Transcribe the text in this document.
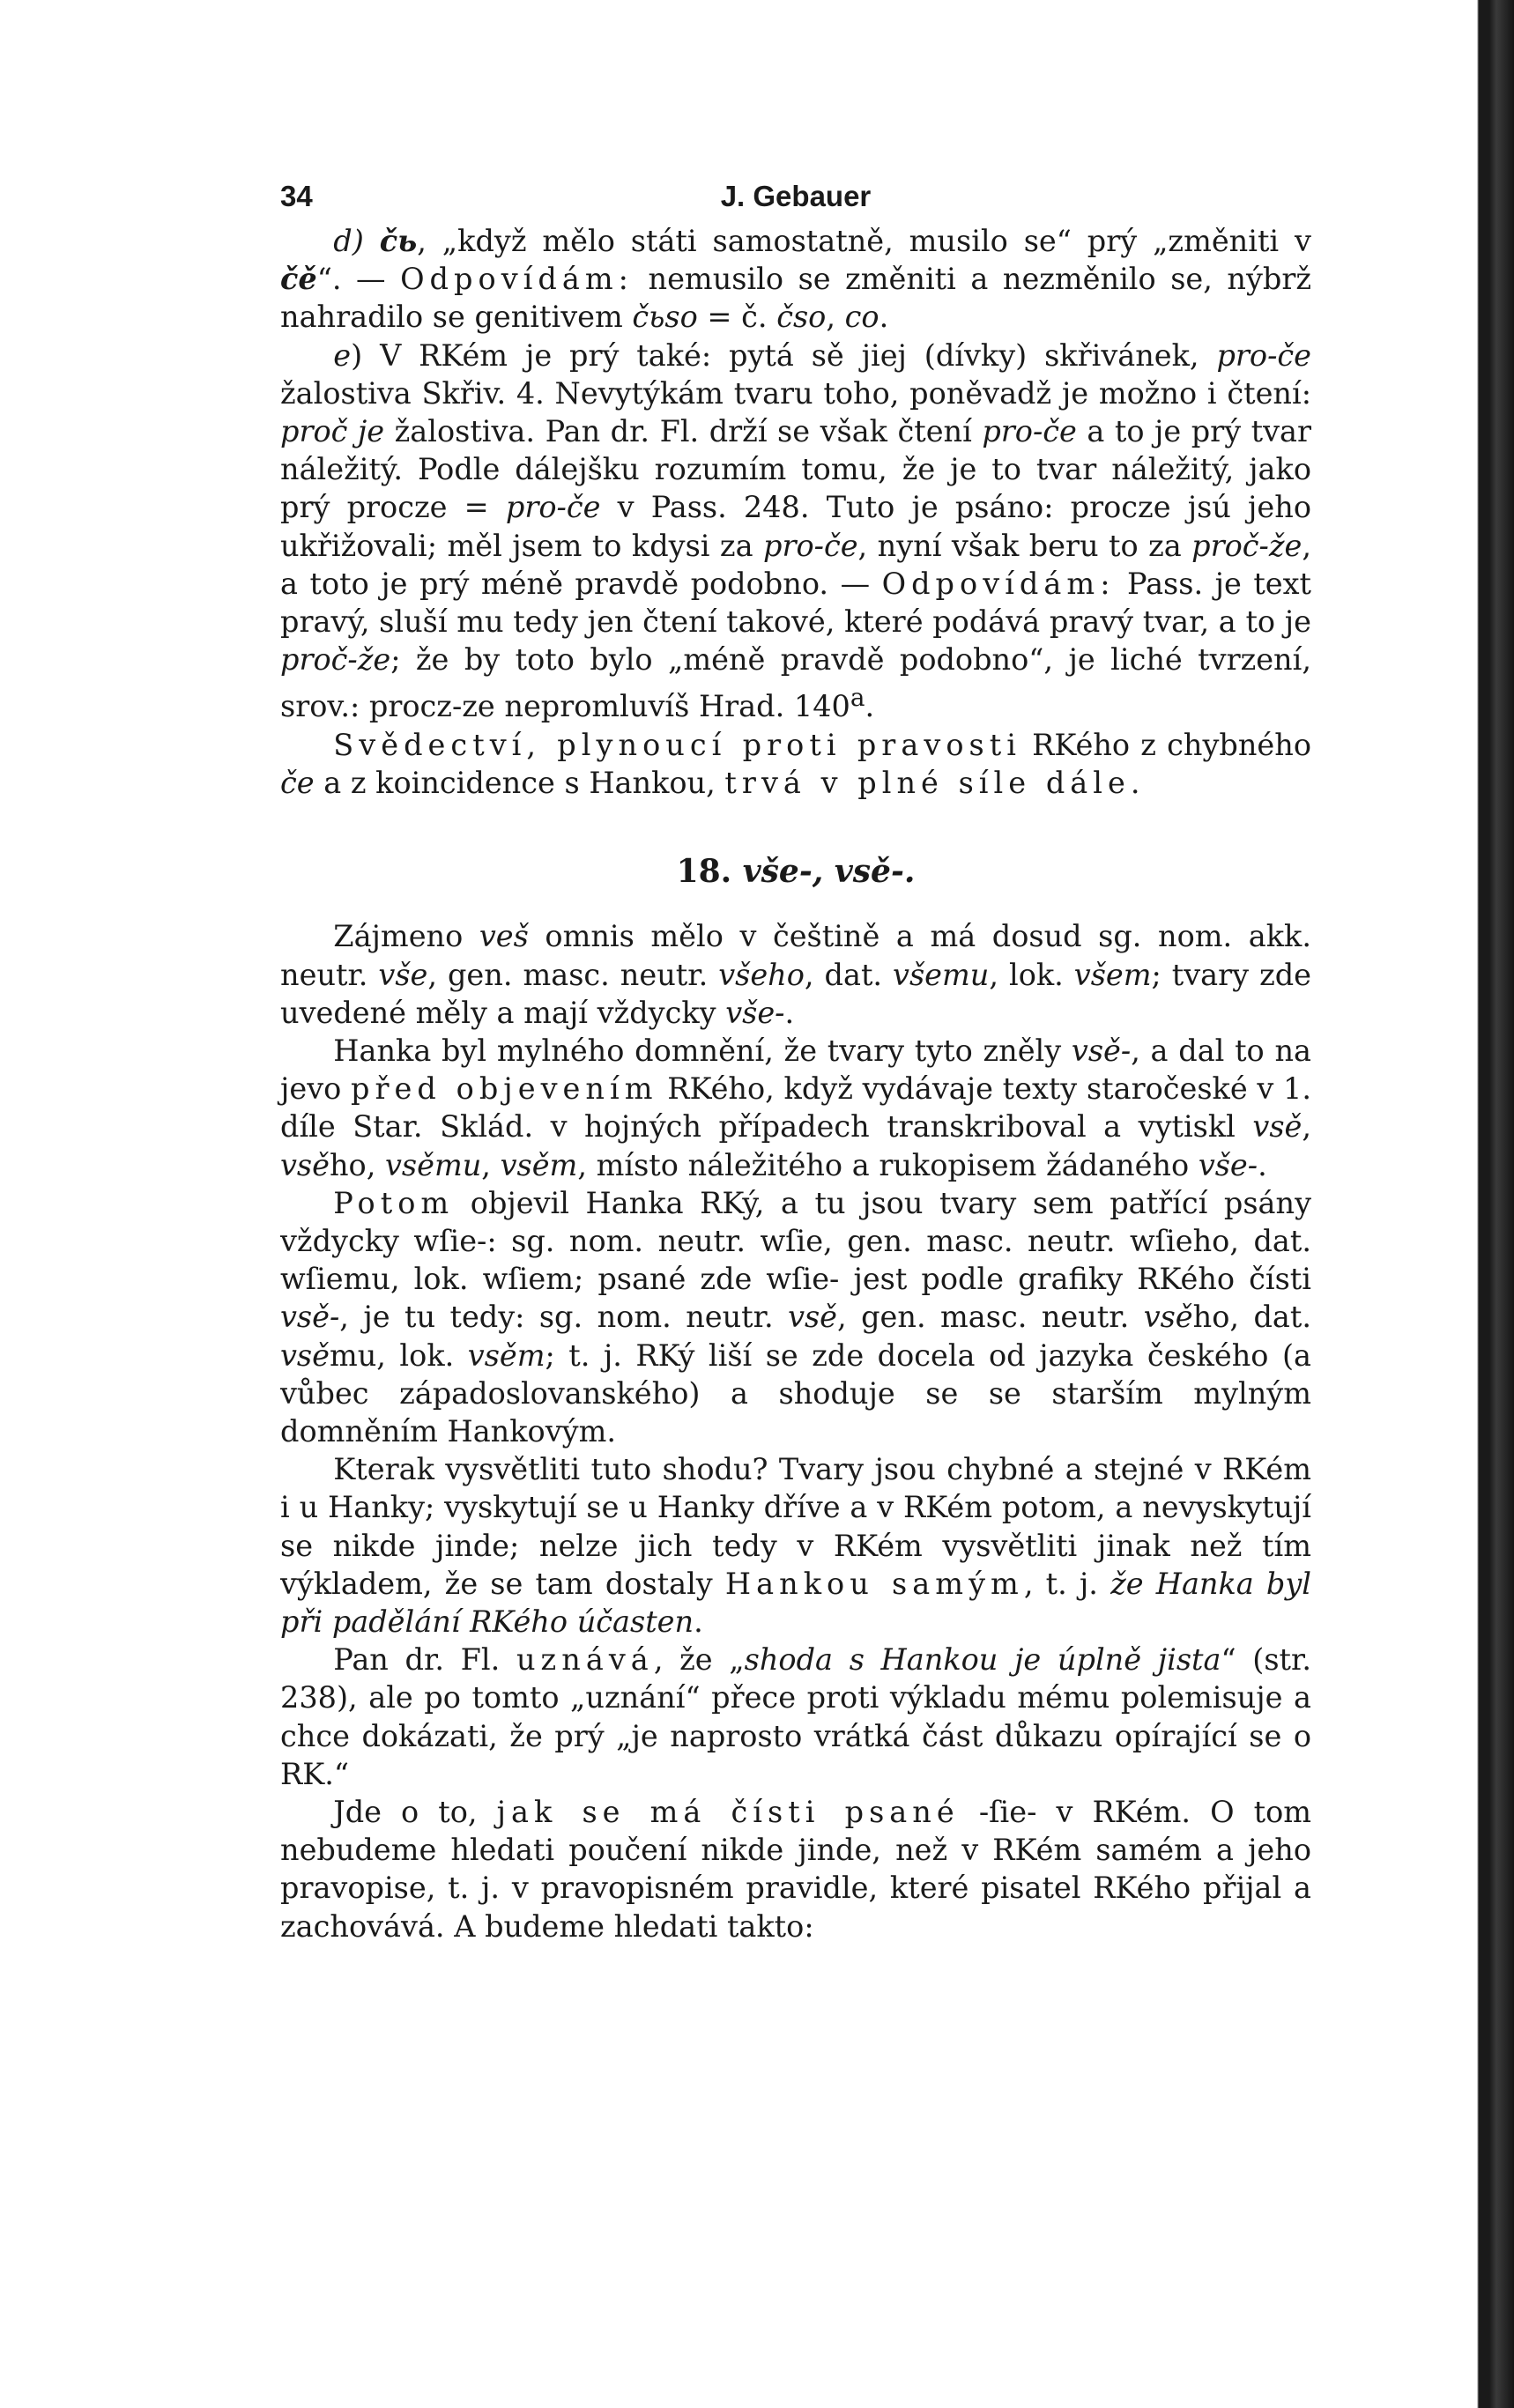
34	J. Gebauer

d) čь, „když mělo státi samostatně, musilo se“ prý „změniti v čě“. — Odpovídám: nemusilo se změniti a nezměnilo se, nýbrž nahradilo se genitivem čьso = č. čso, co.

e) V RKém je prý také: pytá sě jiej (dívky) skřivánek, pro-če žalostiva Skřiv. 4. Nevytýkám tvaru toho, poněvadž je možno i čtení: proč je žalostiva. Pan dr. Fl. drží se však čtení pro-če a to je prý tvar náležitý. Podle dálejšku rozumím tomu, že je to tvar náležitý, jako prý procze = pro-če v Pass. 248. Tuto je psáno: procze jsú jeho ukřižovali; měl jsem to kdysi za pro-če, nyní však beru to za proč-že, a toto je prý méně pravdě podobno. — Odpovídám: Pass. je text pravý, sluší mu tedy jen čtení takové, které podává pravý tvar, a to je proč-že; že by toto bylo „méně pravdě podobno“, je liché tvrzení, srov.: procz-ze nepromluvíš Hrad. 140$^a$.

Svědectví, plynoucí proti pravosti RKého z chybného če a z koincidence s Hankou, trvá v plné síle dále.

18. vše-, vsě-.

Zájmeno veš omnis mělo v češtině a má dosud sg. nom. akk. neutr. vše, gen. masc. neutr. všeho, dat. všemu, lok. všem; tvary zde uvedené měly a mají vždycky vše-.

Hanka byl mylného domnění, že tvary tyto zněly vsě-, a dal to na jevo před objevením RKého, když vydávaje texty staročeské v 1. díle Star. Sklád. v hojných případech transkriboval a vytiskl vsě, vsěho, vsěmu, vsěm, místo náležitého a rukopisem žádaného vše-.

Potom objevil Hanka RKý, a tu jsou tvary sem patřící psány vždycky wſie-: sg. nom. neutr. wſie, gen. masc. neutr. wſieho, dat. wſiemu, lok. wſiem; psané zde wſie- jest podle grafiky RKého čísti vsě-, je tu tedy: sg. nom. neutr. vsě, gen. masc. neutr. vsěho, dat. vsěmu, lok. vsěm; t. j. RKý liší se zde docela od jazyka českého (a vůbec západoslovanského) a shoduje se se starším mylným domněním Hankovým.

Kterak vysvětliti tuto shodu? Tvary jsou chybné a stejné v RKém i u Hanky; vyskytují se u Hanky dříve a v RKém potom, a nevyskytují se nikde jinde; nelze jich tedy v RKém vysvětliti jinak než tím výkladem, že se tam dostaly Hankou samým, t. j. že Hanka byl při padělání RKého účasten.

Pan dr. Fl. uznává, že „shoda s Hankou je úplně jista“ (str. 238), ale po tomto „uznání“ přece proti výkladu mému polemisuje a chce dokázati, že prý „je naprosto vrátká část důkazu opírající se o RK.“

Jde o to, jak se má čísti psané -ſie- v RKém. O tom nebudeme hledati poučení nikde jinde, než v RKém samém a jeho pravopise, t. j. v pravopisném pravidle, které pisatel RKého přijal a zachovává. A budeme hledati takto:
